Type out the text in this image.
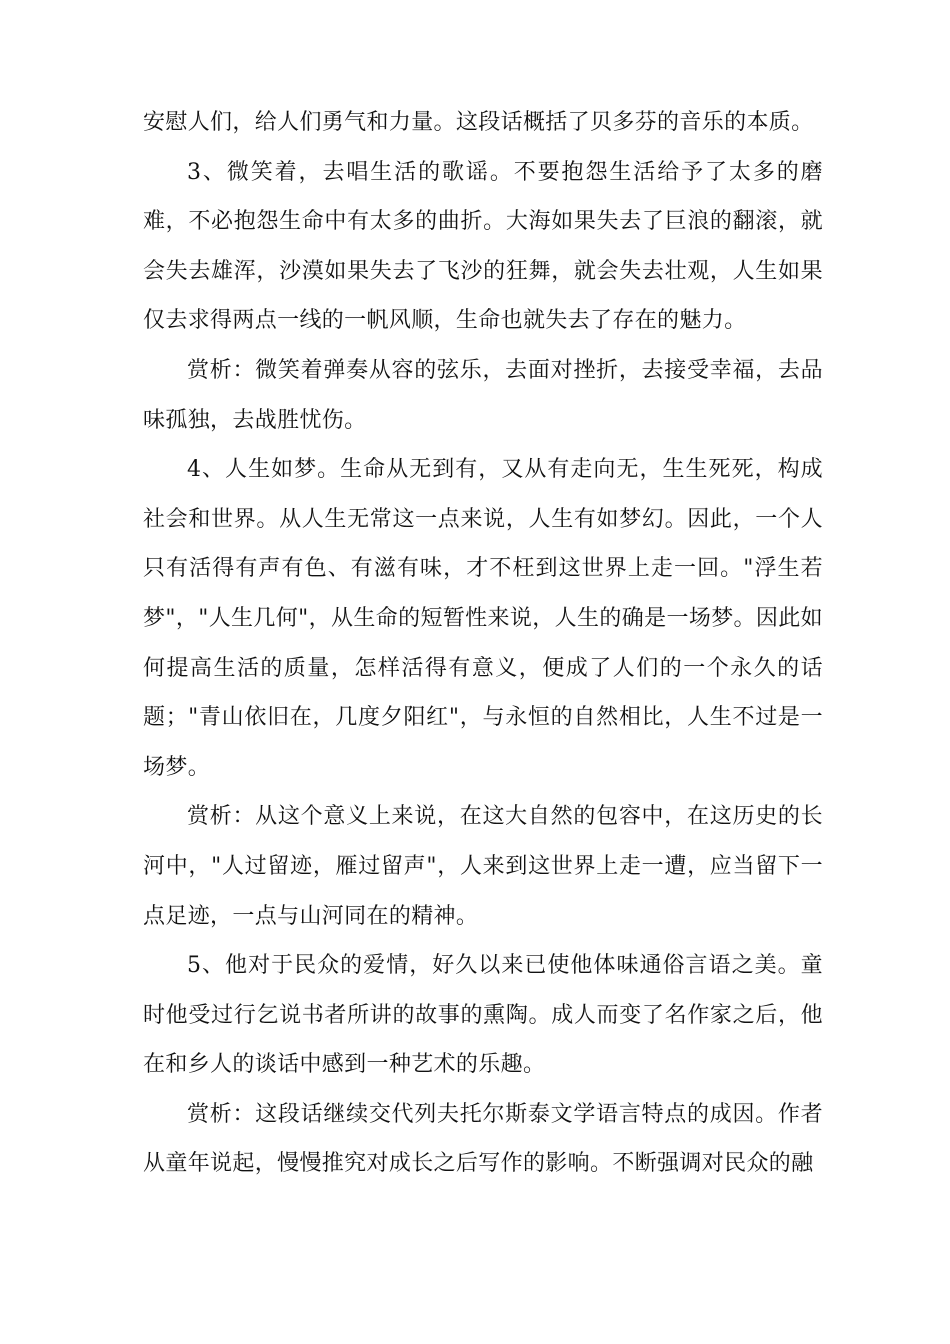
安慰人们，给人们勇气和力量。这段话概括了贝多芬的音乐的本质。

3、微笑着，去唱生活的歌谣。不要抱怨生活给予了太多的磨难，不必抱怨生命中有太多的曲折。大海如果失去了巨浪的翻滚，就会失去雄浑，沙漠如果失去了飞沙的狂舞，就会失去壮观，人生如果仅去求得两点一线的一帆风顺，生命也就失去了存在的魅力。

赏析：微笑着弹奏从容的弦乐，去面对挫折，去接受幸福，去品味孤独，去战胜忧伤。

4、人生如梦。生命从无到有，又从有走向无，生生死死，构成社会和世界。从人生无常这一点来说，人生有如梦幻。因此，一个人只有活得有声有色、有滋有味，才不枉到这世界上走一回。"浮生若梦"，"人生几何"，从生命的短暂性来说，人生的确是一场梦。因此如何提高生活的质量，怎样活得有意义，便成了人们的一个永久的话题；"青山依旧在，几度夕阳红"，与永恒的自然相比，人生不过是一场梦。

赏析：从这个意义上来说，在这大自然的包容中，在这历史的长河中，"人过留迹，雁过留声"，人来到这世界上走一遭，应当留下一点足迹，一点与山河同在的精神。

5、他对于民众的爱情，好久以来已使他体味通俗言语之美。童时他受过行乞说书者所讲的故事的熏陶。成人而变了名作家之后，他在和乡人的谈话中感到一种艺术的乐趣。

赏析：这段话继续交代列夫托尔斯泰文学语言特点的成因。作者从童年说起，慢慢推究对成长之后写作的影响。不断强调对民众的融
